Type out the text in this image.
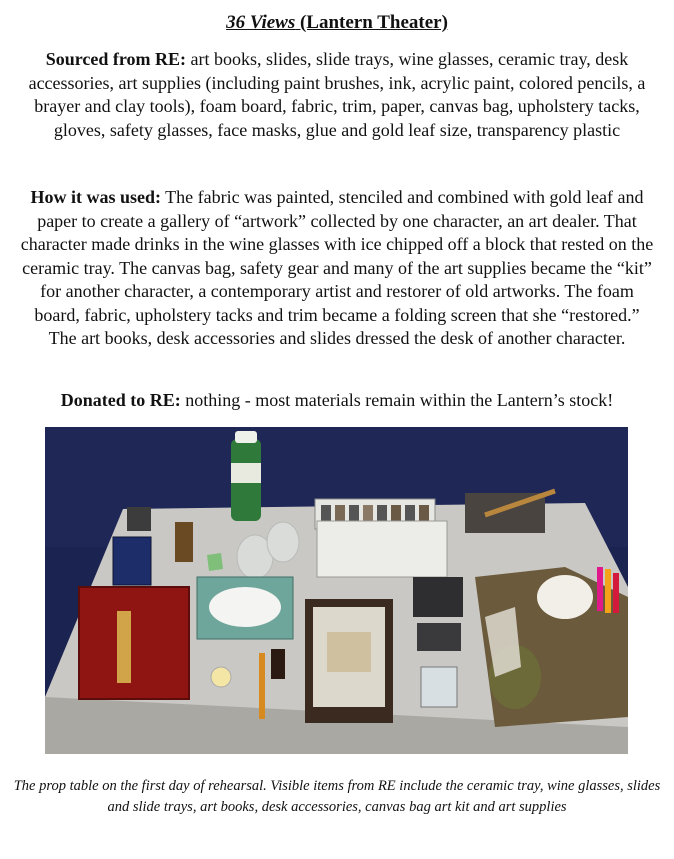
36 Views (Lantern Theater)
Sourced from RE: art books, slides, slide trays, wine glasses, ceramic tray, desk accessories, art supplies (including paint brushes, ink, acrylic paint, colored pencils, a brayer and clay tools), foam board, fabric, trim, paper, canvas bag, upholstery tacks, gloves, safety glasses, face masks, glue and gold leaf size, transparency plastic
How it was used: The fabric was painted, stenciled and combined with gold leaf and paper to create a gallery of “artwork” collected by one character, an art dealer. That character made drinks in the wine glasses with ice chipped off a block that rested on the ceramic tray. The canvas bag, safety gear and many of the art supplies became the “kit” for another character, a contemporary artist and restorer of old artworks. The foam board, fabric, upholstery tacks and trim became a folding screen that she “restored.” The art books, desk accessories and slides dressed the desk of another character.
Donated to RE: nothing - most materials remain within the Lantern’s stock!
The prop table on the first day of rehearsal. Visible items from RE include the ceramic tray, wine glasses, slides and slide trays, art books, desk accessories, canvas bag art kit and art supplies
